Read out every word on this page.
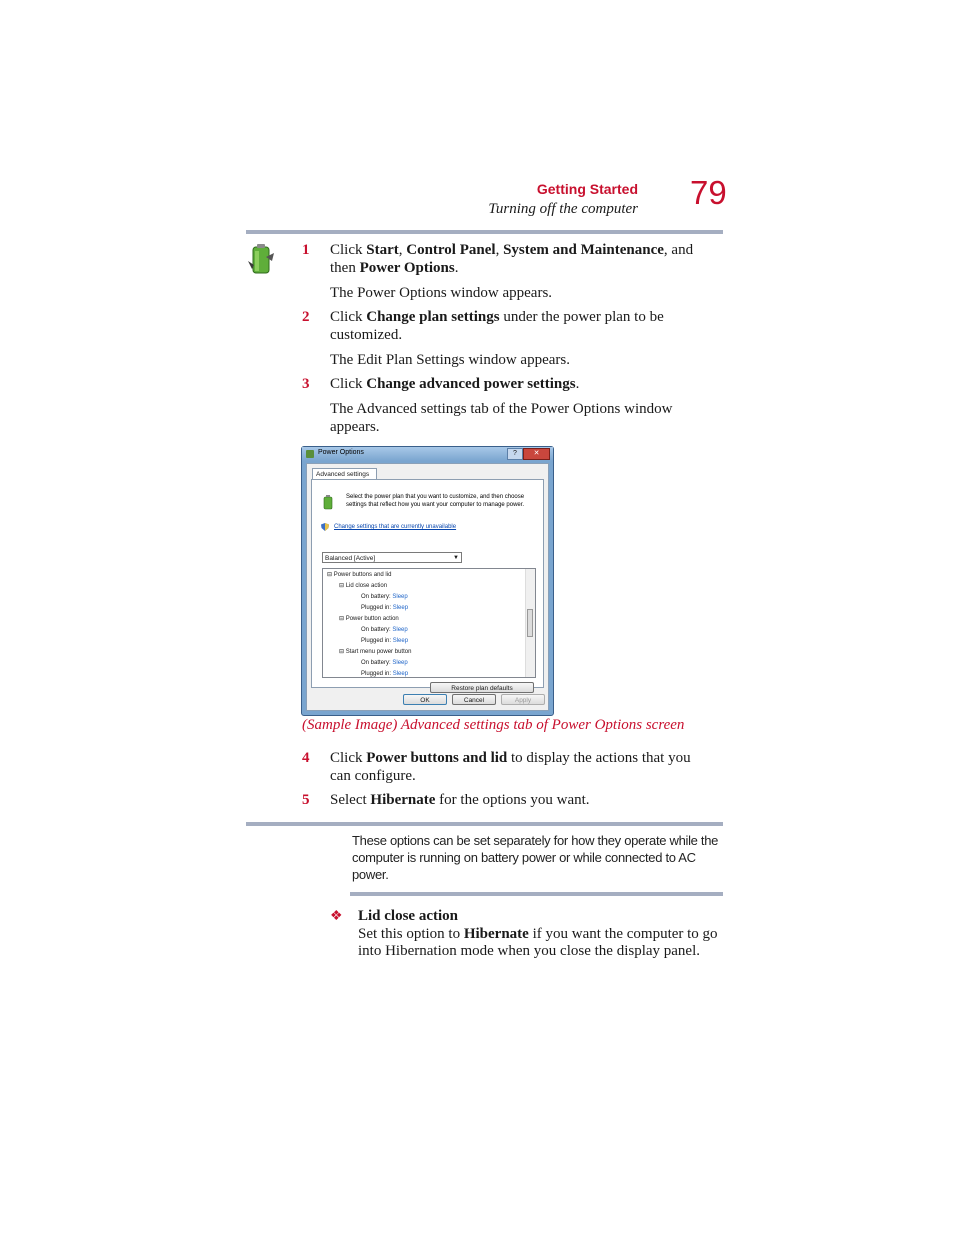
Getting Started
Turning off the computer 79
1 Click Start, Control Panel, System and Maintenance, and then Power Options.
The Power Options window appears.
2 Click Change plan settings under the power plan to be customized.
The Edit Plan Settings window appears.
3 Click Change advanced power settings.
The Advanced settings tab of the Power Options window appears.
Power Options	?	✕
Advanced settings
Select the power plan that you want to customize, and then choose settings that reflect how you want your computer to manage power.
Change settings that are currently unavailable
Balanced [Active]	▼
⊟ Power buttons and lid
⊟ Lid close action
On battery: Sleep
Plugged in: Sleep
⊟ Power button action
On battery: Sleep
Plugged in: Sleep
⊟ Start menu power button
On battery: Sleep
Plugged in: Sleep
Restore plan defaults
OK	Cancel	Apply
(Sample Image) Advanced settings tab of Power Options screen
4 Click Power buttons and lid to display the actions that you can configure.
5 Select Hibernate for the options you want.
These options can be set separately for how they operate while the computer is running on battery power or while connected to AC power.
❖ Lid close action
Set this option to Hibernate if you want the computer to go into Hibernation mode when you close the display panel.
